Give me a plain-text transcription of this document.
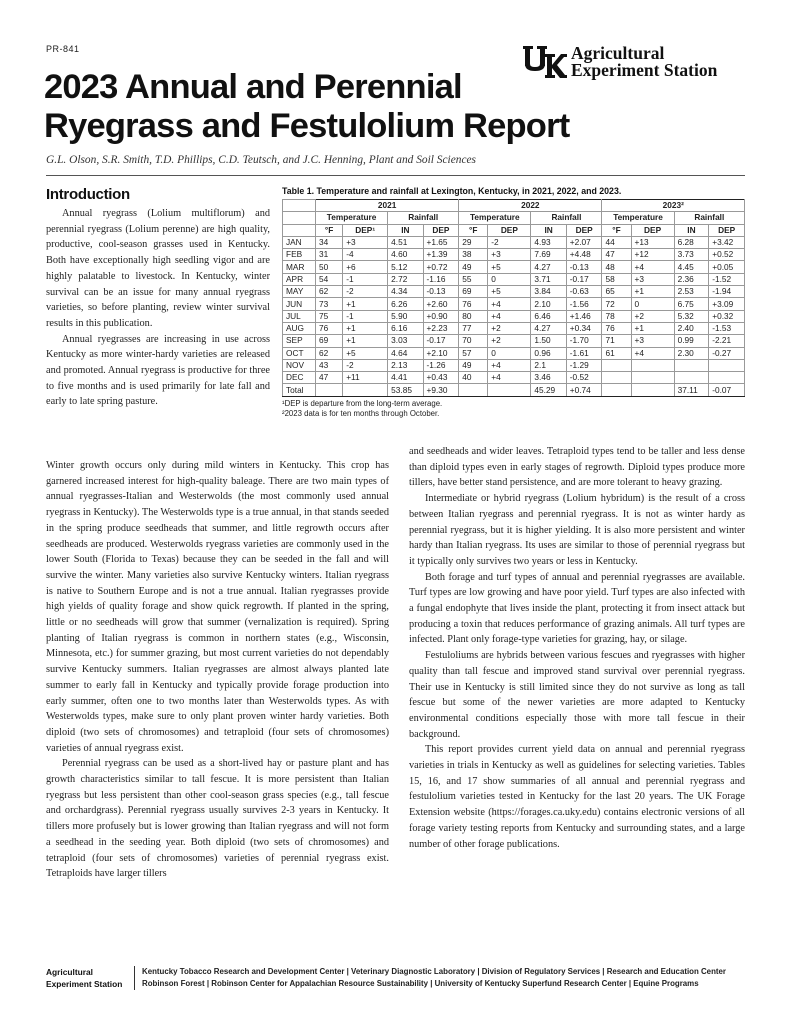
PR-841	Agricultural
Experiment Station
2023 Annual and Perennial
Ryegrass and Festulolium Report
G.L. Olson, S.R. Smith, T.D. Phillips, C.D. Teutsch, and J.C. Henning, Plant and Soil Sciences
Introduction

Annual ryegrass (Lolium multiflorum) and perennial ryegrass (Lolium perenne) are high quality, productive, cool-season grasses used in Kentucky. Both have exceptionally high seedling vigor and are highly palatable to livestock. In Kentucky, winter survival can be an issue for many annual ryegrass varieties, so before planting, review winter survival results in this publication.

Annual ryegrasses are increasing in use across Kentucky as more winter-hardy varieties are released and promoted. Annual ryegrass is productive for three to five months and is used primarily for late fall and early to late spring pasture.

Table 1. Temperature and rainfall at Lexington, Kentucky, in 2021, 2022, and 2023.
	2021				2022				2023²			
	Temperature		Rainfall		Temperature		Rainfall		Temperature		Rainfall	
	°F	DEP¹	IN	DEP	°F	DEP	IN	DEP	°F	DEP	IN	DEP
JAN	34	+3	4.51	+1.65	29	-2	4.93	+2.07	44	+13	6.28	+3.42
FEB	31	-4	4.60	+1.39	38	+3	7.69	+4.48	47	+12	3.73	+0.52
MAR	50	+6	5.12	+0.72	49	+5	4.27	-0.13	48	+4	4.45	+0.05
APR	54	-1	2.72	-1.16	55	0	3.71	-0.17	58	+3	2.36	-1.52
MAY	62	-2	4.34	-0.13	69	+5	3.84	-0.63	65	+1	2.53	-1.94
JUN	73	+1	6.26	+2.60	76	+4	2.10	-1.56	72	0	6.75	+3.09
JUL	75	-1	5.90	+0.90	80	+4	6.46	+1.46	78	+2	5.32	+0.32
AUG	76	+1	6.16	+2.23	77	+2	4.27	+0.34	76	+1	2.40	-1.53
SEP	69	+1	3.03	-0.17	70	+2	1.50	-1.70	71	+3	0.99	-2.21
OCT	62	+5	4.64	+2.10	57	0	0.96	-1.61	61	+4	2.30	-0.27
NOV	43	-2	2.13	-1.26	49	+4	2.1	-1.29				
DEC	47	+11	4.41	+0.43	40	+4	3.46	-0.52				
Total			53.85	+9.30			45.29	+0.74			37.11	-0.07
¹DEP is departure from the long-term average.
²2023 data is for ten months through October.

Winter growth occurs only during mild winters in Kentucky. This crop has garnered increased interest for high-quality baleage. There are two main types of annual ryegrasses-Italian and Westerwolds (the most commonly used annual ryegrass in Kentucky). The Westerwolds type is a true annual, in that stands seeded in the spring produce seedheads that summer, and little regrowth occurs after seedheads are produced. Westerwolds ryegrass varieties are commonly used in the lower South (Florida to Texas) because they can be seeded in the fall and will survive the winter. Many varieties also survive Kentucky winters. Italian ryegrass is native to Southern Europe and is not a true annual. Italian ryegrasses provide high yields of quality forage and show quick regrowth. If planted in the spring, little or no seedheads will grow that summer (vernalization is required). Spring planting of Italian ryegrass is common in northern states (e.g., Wisconsin, Minnesota, etc.) for summer grazing, but most current varieties do not dependably survive Kentucky summers. Italian ryegrasses are almost always planted late summer to early fall in Kentucky and typically provide forage production into early summer, often one to two months later than Westerwolds types. As with Westerwolds types, make sure to only plant proven winter hardy varieties. Both diploid (two sets of chromosomes) and tetraploid (four sets of chromosomes) varieties of annual ryegrass exist.

Perennial ryegrass can be used as a short-lived hay or pasture plant and has growth characteristics similar to tall fescue. It is more persistent than Italian ryegrass but less persistent than other cool-season grass species (e.g., tall fescue and orchardgrass). Perennial ryegrass usually survives 2-3 years in Kentucky. It tillers more profusely but is lower growing than Italian ryegrass and will not form a seedhead in the seeding year. Both diploid (two sets of chromosomes) and tetraploid (four sets of chromosomes) varieties of perennial ryegrass exist. Tetraploids have larger tillers

and seedheads and wider leaves. Tetraploid types tend to be taller and less dense than diploid types even in early stages of regrowth. Diploid types produce more tillers, have better stand persistence, and are more tolerant to heavy grazing.

Intermediate or hybrid ryegrass (Lolium hybridum) is the result of a cross between Italian ryegrass and perennial ryegrass. It is not as winter hardy as perennial ryegrass, but it is higher yielding. It is also more persistent and winter hardy than Italian ryegrass. Its uses are similar to those of perennial ryegrass but it typically only survives two years or less in Kentucky.

Both forage and turf types of annual and perennial ryegrasses are available. Turf types are low growing and have poor yield. Turf types are also infected with a fungal endophyte that lives inside the plant, protecting it from insect attack but producing a toxin that reduces performance of grazing animals. All turf types are infected. Plant only forage-type varieties for grazing, hay, or silage.

Festuloliums are hybrids between various fescues and ryegrasses with higher quality than tall fescue and improved stand survival over perennial ryegrass. Their use in Kentucky is still limited since they do not survive as long as tall fescue but some of the newer varieties are more adapted to Kentucky environmental conditions especially those with more tall fescue in their background.

This report provides current yield data on annual and perennial ryegrass varieties in trials in Kentucky as well as guidelines for selecting varieties. Tables 15, 16, and 17 show summaries of all annual and perennial ryegrass and festulolium varieties tested in Kentucky for the last 20 years. The UK Forage Extension website (https://forages.ca.uky.edu) contains electronic versions of all forage variety testing reports from Kentucky and surrounding states, and a large number of other forage publications.

Agricultural
Experiment Station
Kentucky Tobacco Research and Development Center | Veterinary Diagnostic Laboratory | Division of Regulatory Services | Research and Education Center
Robinson Forest | Robinson Center for Appalachian Resource Sustainability | University of Kentucky Superfund Research Center | Equine Programs
